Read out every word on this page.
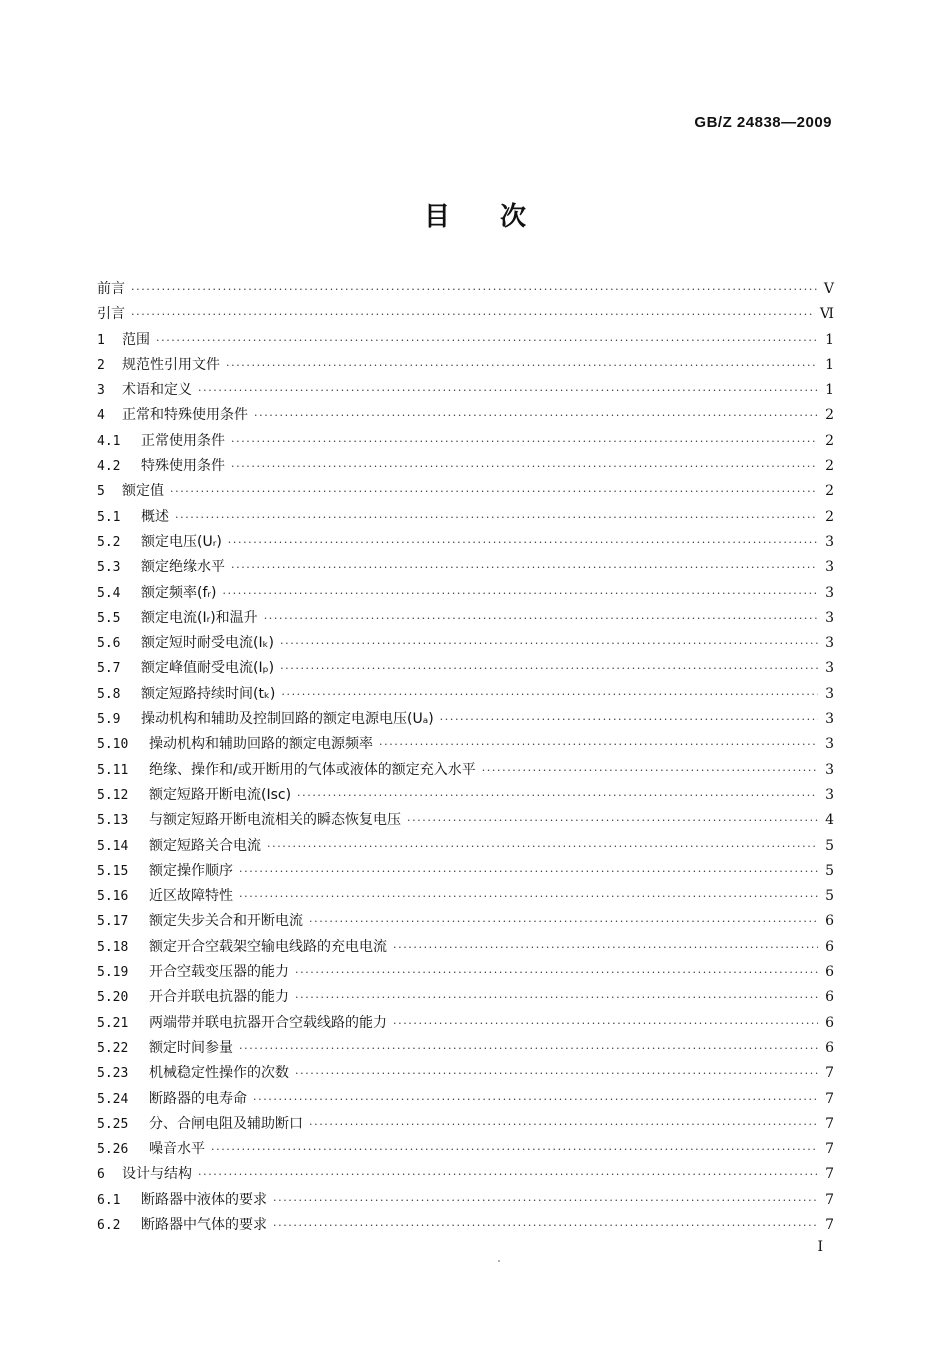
GB/Z 24838—2009
目次
前言 ·····	Ⅴ
引言 ·····	Ⅵ
1	范围 ·····	1
2	规范性引用文件 ·····	1
3	术语和定义 ·····	1
4	正常和特殊使用条件 ·····	2
4.1	正常使用条件 ·····	2
4.2	特殊使用条件 ·····	2
5	额定值 ·····	2
5.1	概述 ·····	2
5.2	额定电压(Uᵣ) ·····	3
5.3	额定绝缘水平 ·····	3
5.4	额定频率(fᵣ) ·····	3
5.5	额定电流(Iᵣ)和温升 ·····	3
5.6	额定短时耐受电流(Iₖ) ·····	3
5.7	额定峰值耐受电流(Iₚ) ·····	3
5.8	额定短路持续时间(tₖ) ·····	3
5.9	操动机构和辅助及控制回路的额定电源电压(Uₐ) ·····	3
5.10	操动机构和辅助回路的额定电源频率 ·····	3
5.11	绝缘、操作和/或开断用的气体或液体的额定充入水平 ·····	3
5.12	额定短路开断电流(Isc) ·····	3
5.13	与额定短路开断电流相关的瞬态恢复电压 ·····	4
5.14	额定短路关合电流 ·····	5
5.15	额定操作顺序 ·····	5
5.16	近区故障特性 ·····	5
5.17	额定失步关合和开断电流 ·····	6
5.18	额定开合空载架空输电线路的充电电流 ·····	6
5.19	开合空载变压器的能力 ·····	6
5.20	开合并联电抗器的能力 ·····	6
5.21	两端带并联电抗器开合空载线路的能力 ·····	6
5.22	额定时间参量 ·····	6
5.23	机械稳定性操作的次数 ·····	7
5.24	断路器的电寿命 ·····	7
5.25	分、合闸电阻及辅助断口 ·····	7
5.26	噪音水平 ·····	7
6	设计与结构 ·····	7
6.1	断路器中液体的要求 ·····	7
6.2	断路器中气体的要求 ·····	7
I
